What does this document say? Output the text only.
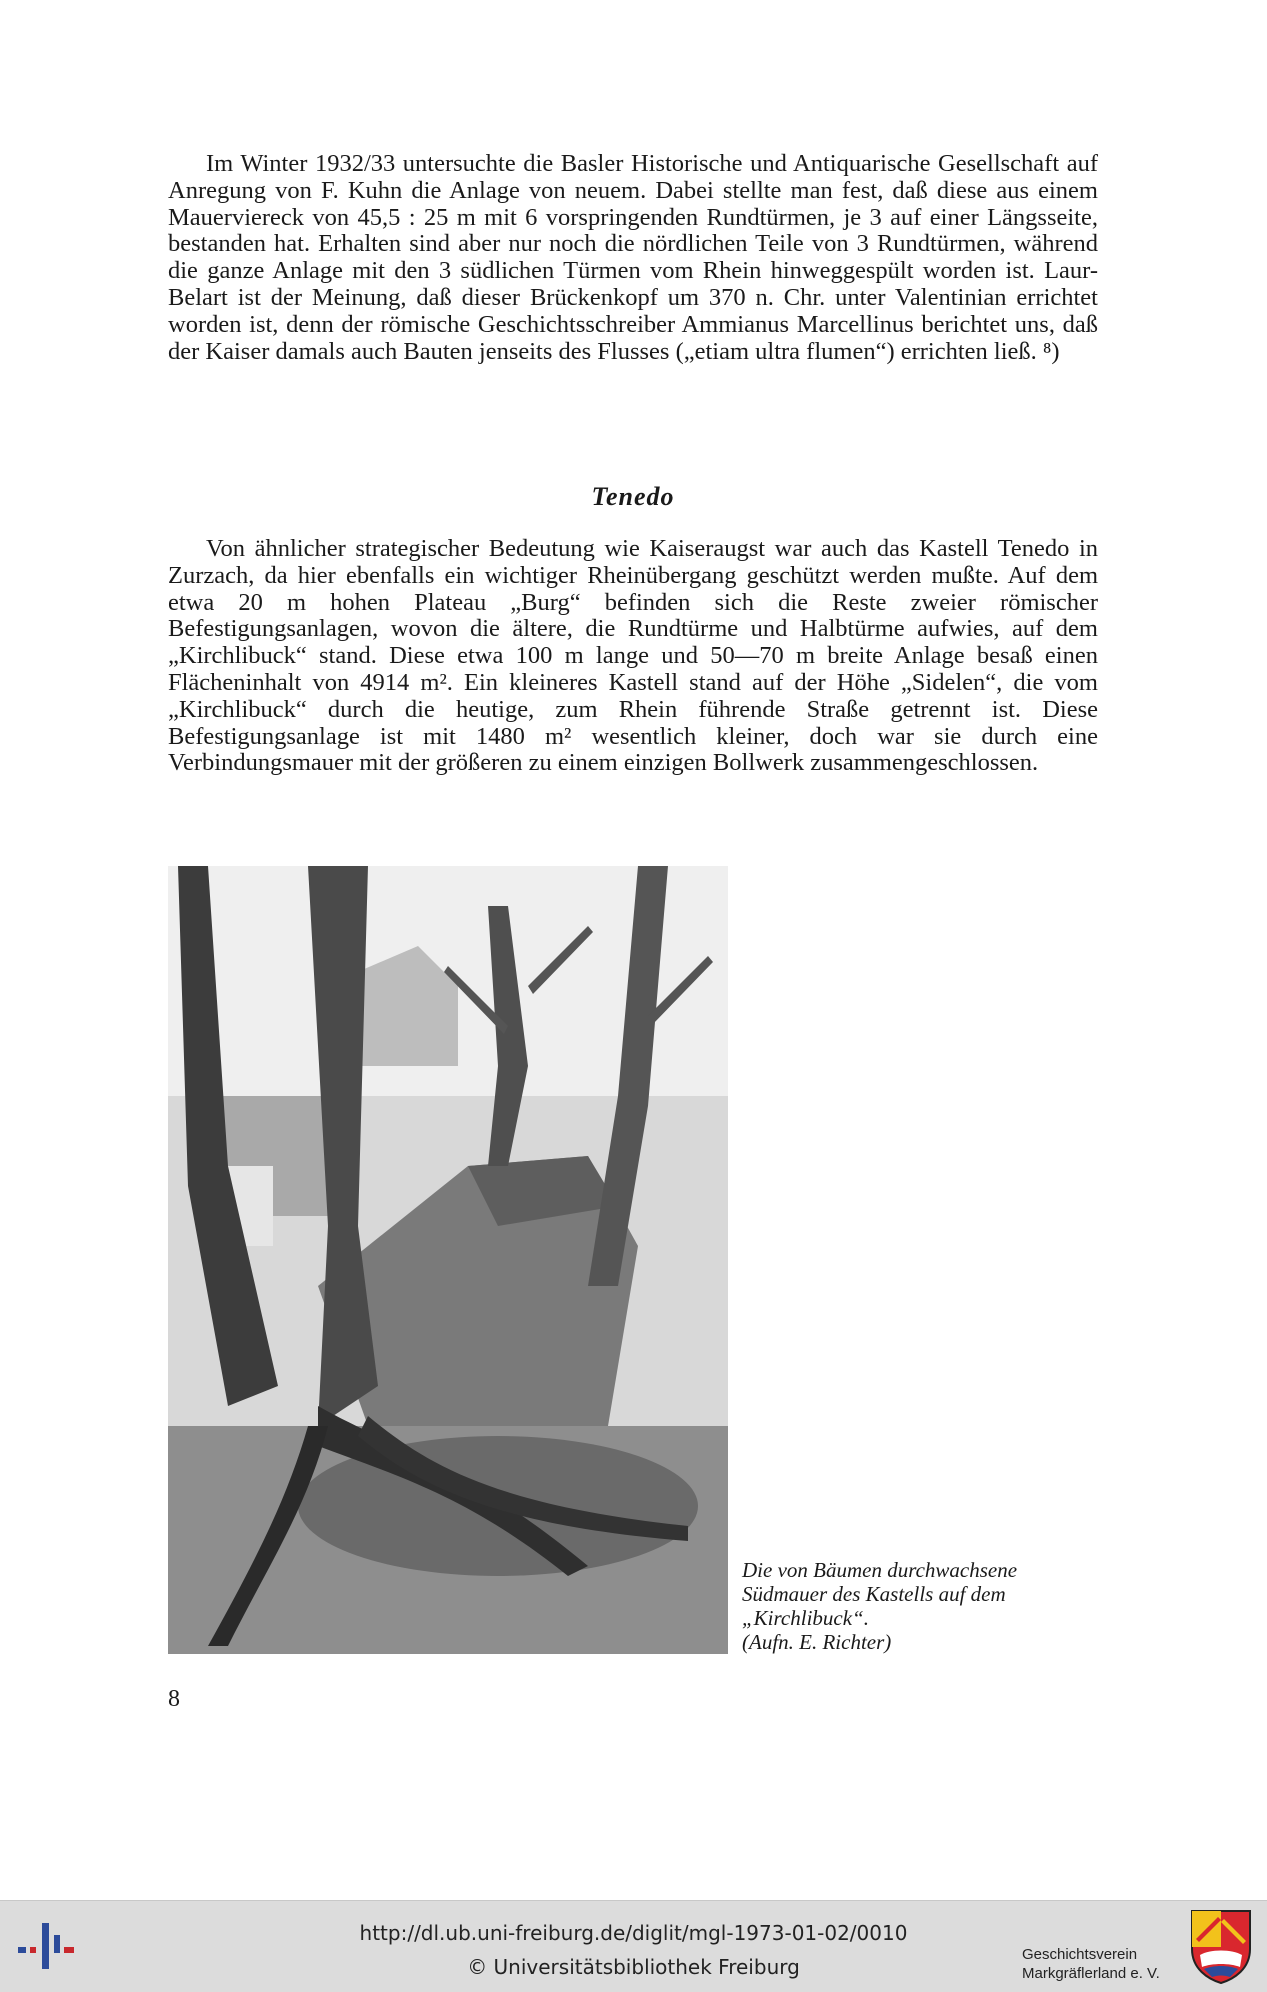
Im Winter 1932/33 untersuchte die Basler Historische und Antiquarische Gesellschaft auf Anregung von F. Kuhn die Anlage von neuem. Dabei stellte man fest, daß diese aus einem Mauerviereck von 45,5 : 25 m mit 6 vorspringenden Rundtürmen, je 3 auf einer Längsseite, bestanden hat. Erhalten sind aber nur noch die nördlichen Teile von 3 Rundtürmen, während die ganze Anlage mit den 3 südlichen Türmen vom Rhein hinweggespült worden ist. Laur-Belart ist der Meinung, daß dieser Brückenkopf um 370 n. Chr. unter Valentinian errichtet worden ist, denn der römische Geschichtsschreiber Ammianus Marcellinus berichtet uns, daß der Kaiser damals auch Bauten jenseits des Flusses („etiam ultra flumen“) errichten ließ. ⁸)

Tenedo

Von ähnlicher strategischer Bedeutung wie Kaiseraugst war auch das Kastell Tenedo in Zurzach, da hier ebenfalls ein wichtiger Rheinübergang geschützt werden mußte. Auf dem etwa 20 m hohen Plateau „Burg“ befinden sich die Reste zweier römischer Befestigungsanlagen, wovon die ältere, die Rundtürme und Halbtürme aufwies, auf dem „Kirchlibuck“ stand. Diese etwa 100 m lange und 50—70 m breite Anlage besaß einen Flächeninhalt von 4914 m². Ein kleineres Kastell stand auf der Höhe „Sidelen“, die vom „Kirchlibuck“ durch die heutige, zum Rhein führende Straße getrennt ist. Diese Befestigungsanlage ist mit 1480 m² wesentlich kleiner, doch war sie durch eine Verbindungsmauer mit der größeren zu einem einzigen Bollwerk zusammengeschlossen.

Die von Bäumen durchwachsene
Südmauer des Kastells auf dem
„Kirchlibuck“.
(Aufn. E. Richter)

8
http://dl.ub.uni-freiburg.de/diglit/mgl-1973-01-02/0010
© Universitätsbibliothek Freiburg
Geschichtsverein
Markgräflerland e. V.
